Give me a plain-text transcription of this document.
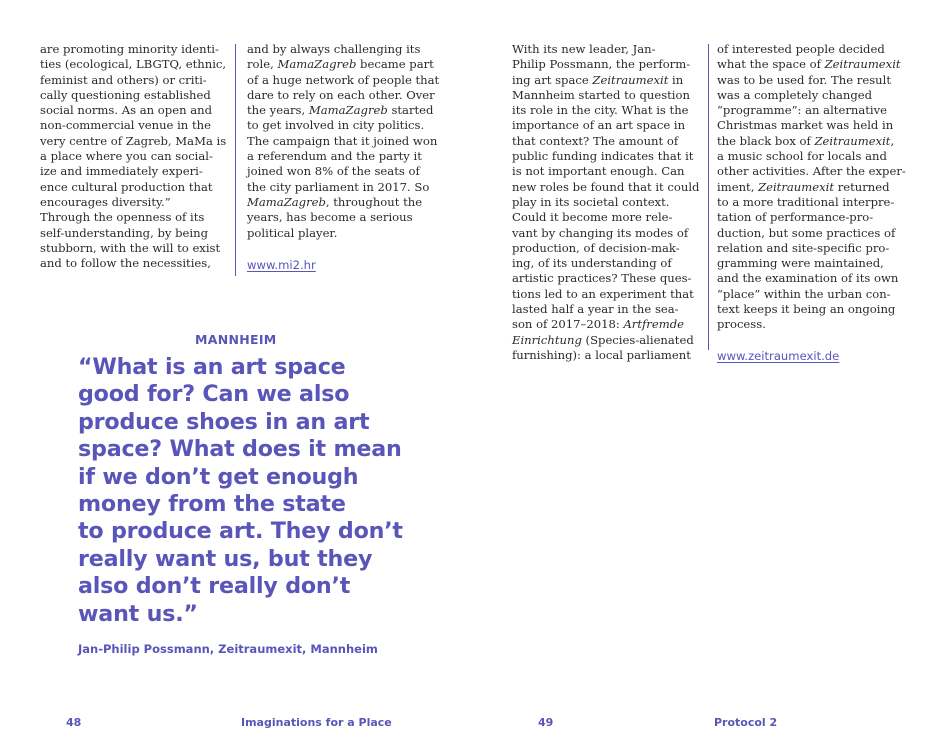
are promoting minority identi-
ties (ecological, LBGTQ, ethnic,
feminist and others) or criti-
cally questioning established
social norms. As an open and
non-commercial venue in the
very centre of Zagreb, MaMa is
a place where you can social-
ize and immediately experi-
ence cultural production that
encourages diversity.”
Through the openness of its
self-understanding, by being
stubborn, with the will to exist
and to follow the necessities,
and by always challenging its
role, MamaZagreb became part
of a huge network of people that
dare to rely on each other. Over
the years, MamaZagreb started
to get involved in city politics.
The campaign that it joined won
a referendum and the party it
joined won 8% of the seats of
the city parliament in 2017. So
MamaZagreb, throughout the
years, has become a serious
political player.
www.mi2.hr
MANNHEIM
“What is an art space
good for? Can we also
produce shoes in an art
space? What does it mean
if we don’t get enough
money from the state
to produce art. They don’t
really want us, but they
also don’t really don’t
want us.”
Jan-Philip Possmann, Zeitraumexit, Mannheim
48	Imaginations for a Place
With its new leader, Jan-
Philip Possmann, the perform-
ing art space Zeitraumexit in
Mannheim started to question
its role in the city. What is the
importance of an art space in
that context? The amount of
public funding indicates that it
is not important enough. Can
new roles be found that it could
play in its societal context.
Could it become more rele-
vant by changing its modes of
production, of decision-mak-
ing, of its understanding of
artistic practices? These ques-
tions led to an experiment that
lasted half a year in the sea-
son of 2017–2018: Artfremde
Einrichtung (Species-alienated
furnishing): a local parliament
of interested people decided
what the space of Zeitraumexit
was to be used for. The result
was a completely changed
“programme”: an alternative
Christmas market was held in
the black box of Zeitraumexit,
a music school for locals and
other activities. After the exper-
iment, Zeitraumexit returned
to a more traditional interpre-
tation of performance-pro-
duction, but some practices of
relation and site-specific pro-
gramming were maintained,
and the examination of its own
“place” within the urban con-
text keeps it being an ongoing
process.
www.zeitraumexit.de
49	Protocol 2
